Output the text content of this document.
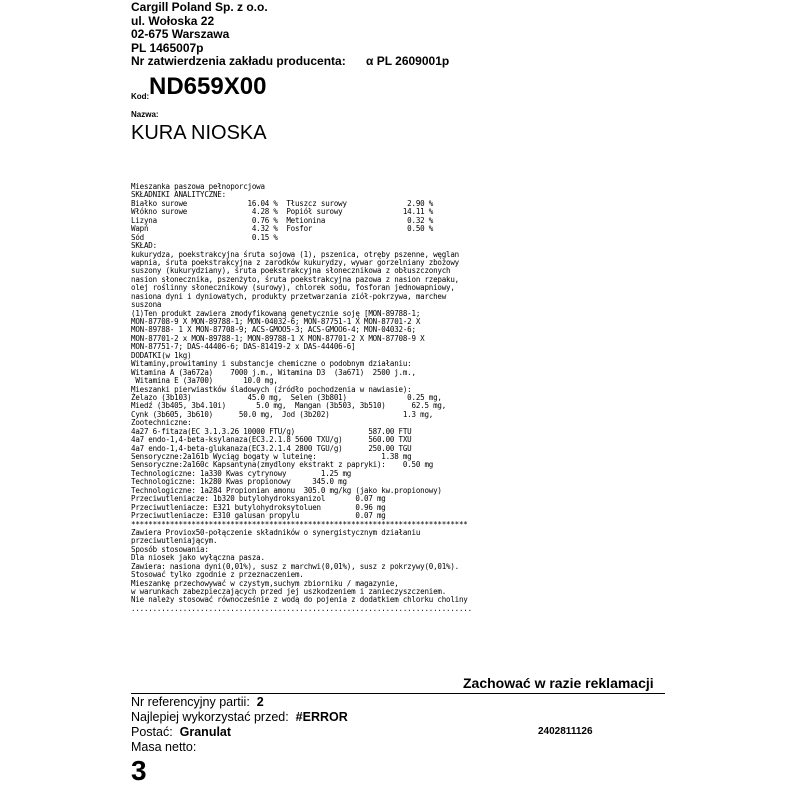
Cargill Poland Sp. z o.o.
ul. Wołoska 22
02-675 Warszawa
PL 1465007p
Nr zatwierdzenia zakładu producenta: α PL 2609001p
Kod: ND659X00
Nazwa:
KURA NIOSKA
Mieszanka paszowa pełnoporcjowa
SKŁADNIKI ANALITYCZNE:
Białko surowe              16.04 %  Tłuszcz surowy              2.90 %
Włókno surowe               4.28 %  Popiół surowy              14.11 %
Lizyna                      0.76 %  Metionina                   0.32 %
Wapń                        4.32 %  Fosfor                      0.50 %
Sód                         0.15 %
SKŁAD:
kukurydza, poekstrakcyjna śruta sojowa (1), pszenica, otręby pszenne, węglan
wapnia, śruta poekstrakcyjna z zarodków kukurydzy, wywar gorzelniany zbożowy
suszony (kukurydziany), śruta poekstrakcyjna słonecznikowa z obłuszczonych
nasion słonecznika, pszenżyto, śruta poekstrakcyjna pazowa z nasion rzepaku,
olej roślinny słonecznikowy (surowy), chlorek sodu, fosforan jednowapniowy,
nasiona dyni i dyniowatych, produkty przetwarzania ziół-pokrzywa, marchew
suszona
(1)Ten produkt zawiera zmodyfikowaną genetycznie soję [MON-89788-1;
MON-87708-9 X MON-89788-1; MON-04032-6; MON-87751-1 X MON-87701-2 X
MON-89788- 1 X MON-87708-9; ACS-GMOO5-3; ACS-GMOO6-4; MON-04032-6;
MON-87701-2 x MON-89788-1; MON-89788-1 X MON-87701-2 X MON-87708-9 X
MON-87751-7; DAS-44406-6; DAS-81419-2 x DAS-44406-6]
DODATKI(w 1kg)
Witaminy,prowitaminy i substancje chemiczne o podobnym działaniu:
Witamina A (3a672a)    7000 j.m., Witamina D3  (3a671)  2500 j.m.,
Witamina E (3a700)       10.0 mg,
Mieszanki pierwiastków śladowych (źródło pochodzenia w nawiasie):
Żelazo (3b103)             45.0 mg,  Selen (3b801)              0.25 mg,
Miedź (3b405, 3b4.10i)       5.0 mg,  Mangan (3b503, 3b510)      62.5 mg,
Cynk (3b605, 3b610)      50.0 mg,  Jod (3b202)                 1.3 mg,
Zootechniczne:
4a27 6-fitaza(EC 3.1.3.26 10000 FTU/g)                 587.00 FTU
4a7 endo-1,4-beta-ksylanaza(EC3.2.1.8 5600 TXU/g)      560.00 TXU
4a7 endo-1,4-beta-glukanaza(EC3.2.1.4 2800 TGU/g)      250.00 TGU
Sensoryczne:2a161b Wyciąg bogaty w luteinę:               1.38 mg
Sensoryczne:2a160c Kapsantyna(zmydlony ekstrakt z papryki):    0.50 mg
Technologiczne: 1a330 Kwas cytrynowy        1.25 mg
Technologiczne: 1k280 Kwas propionowy     345.0 mg
Technologiczne: 1a284 Propionian amonu  305.0 mg/kg (jako kw.propionowy)
Przeciwutleniacze: 1b320 butylohydroksyanizol       0.07 mg
Przeciwutleniacze: E321 butylohydroksytoluen        0.96 mg
Przeciwutleniacze: E310 galusan propylu             0.07 mg
******************************************************************************
Zawiera Proviox50-połączenie składników o synergistycznym działaniu
przeciwutleniającym.
Sposób stosowania:
Dla niosek jako wyłączna pasza.
Zawiera: nasiona dyni(0,01%), susz z marchwi(0,01%), susz z pokrzywy(0,01%).
Stosować tylko zgodnie z przeznaczeniem.
Mieszankę przechowywać w czystym,suchym zbiorniku / magazynie,
w warunkach zabezpieczających przed jej uszkodzeniem i zanieczyszczeniem.
Nie należy stosować równocześnie z wodą do pojenia z dodatkiem chlorku choliny
...............................................................................
Zachować w razie reklamacji
Nr referencyjny partii: 2
Najlepiej wykorzystać przed: #ERROR
Postać: Granulat	2402811126
Masa netto:
3
